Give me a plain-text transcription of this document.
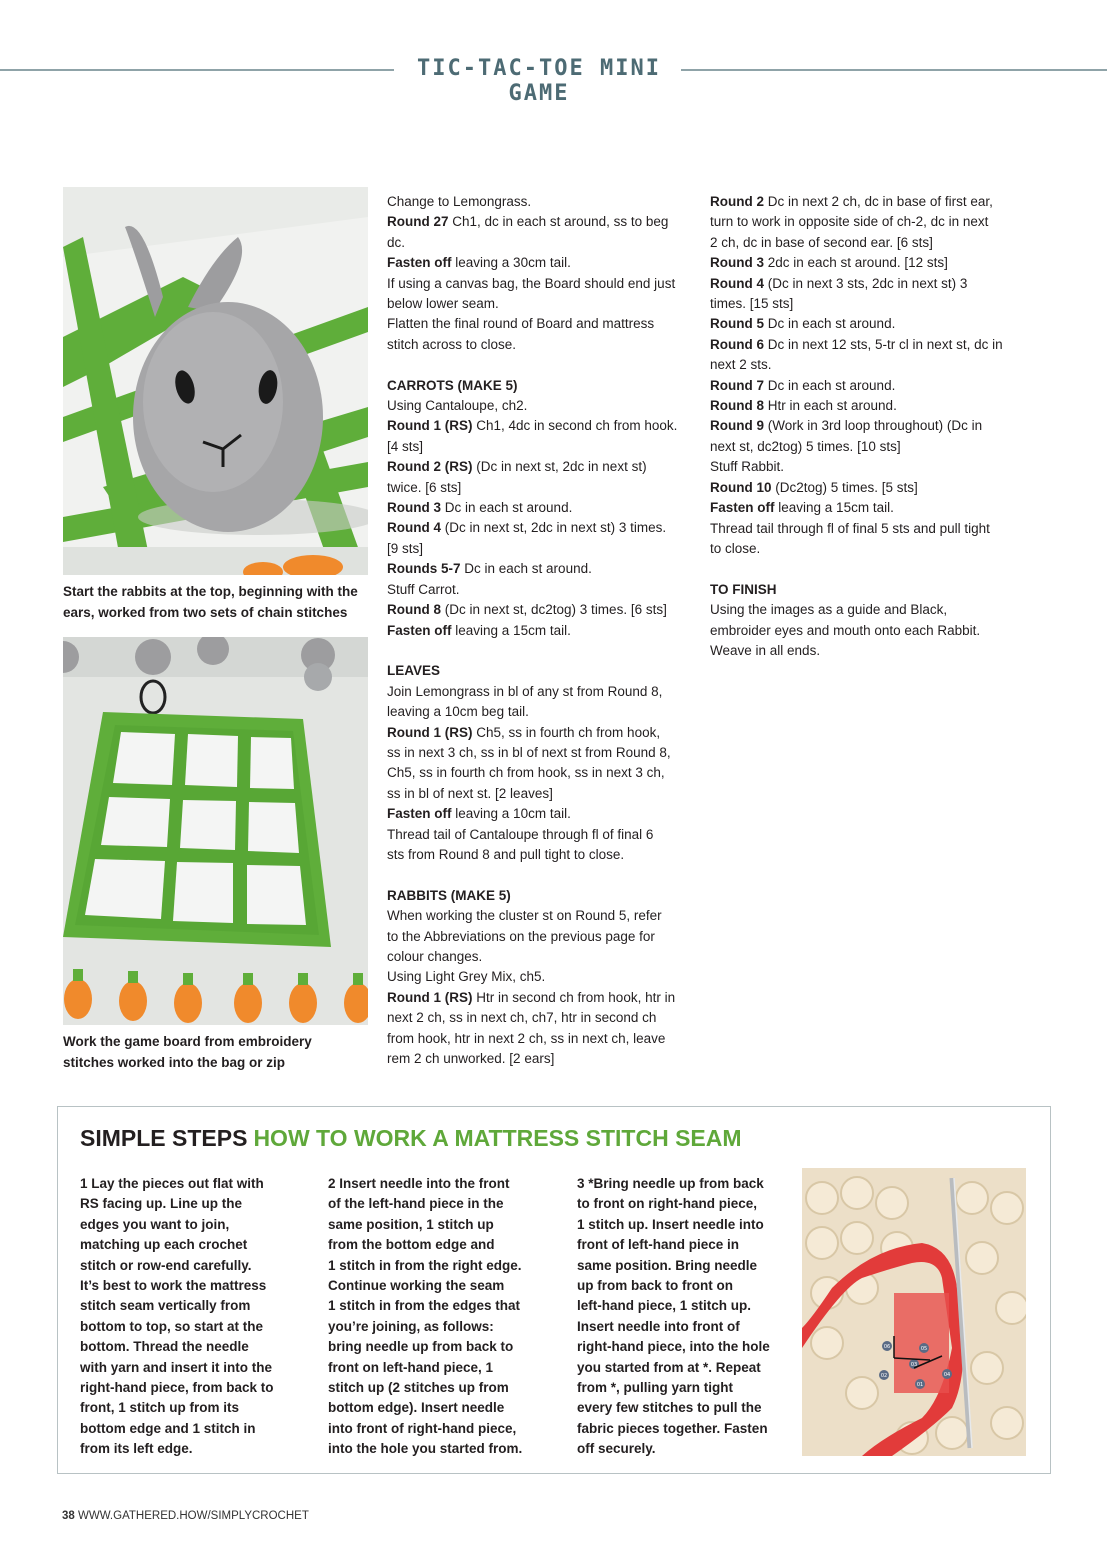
TIC-TAC-TOE MINI GAME
Start the rabbits at the top, beginning with the
ears, worked from two sets of chain stitches
Work the game board from embroidery
stitches worked into the bag or zip

Change to Lemongrass.

Round 27 Ch1, dc in each st around, ss to beg

dc.

Fasten off leaving a 30cm tail.

If using a canvas bag, the Board should end just

below lower seam.

Flatten the final round of Board and mattress

stitch across to close.

CARROTS (MAKE 5)

Using Cantaloupe, ch2.

Round 1 (RS) Ch1, 4dc in second ch from hook.

[4 sts]

Round 2 (RS) (Dc in next st, 2dc in next st)

twice. [6 sts]

Round 3 Dc in each st around.

Round 4 (Dc in next st, 2dc in next st) 3 times.

[9 sts]

Rounds 5-7 Dc in each st around.

Stuff Carrot.

Round 8 (Dc in next st, dc2tog) 3 times. [6 sts]

Fasten off leaving a 15cm tail.

LEAVES

Join Lemongrass in bl of any st from Round 8,

leaving a 10cm beg tail.

Round 1 (RS) Ch5, ss in fourth ch from hook,

ss in next 3 ch, ss in bl of next st from Round 8,

Ch5, ss in fourth ch from hook, ss in next 3 ch,

ss in bl of next st. [2 leaves]

Fasten off leaving a 10cm tail.

Thread tail of Cantaloupe through fl of final 6

sts from Round 8 and pull tight to close.

RABBITS (MAKE 5)

When working the cluster st on Round 5, refer

to the Abbreviations on the previous page for

colour changes.

Using Light Grey Mix, ch5.

Round 1 (RS) Htr in second ch from hook, htr in

next 2 ch, ss in next ch, ch7, htr in second ch

from hook, htr in next 2 ch, ss in next ch, leave

rem 2 ch unworked. [2 ears]

Round 2 Dc in next 2 ch, dc in base of first ear,

turn to work in opposite side of ch-2, dc in next

2 ch, dc in base of second ear. [6 sts]

Round 3 2dc in each st around. [12 sts]

Round 4 (Dc in next 3 sts, 2dc in next st) 3

times. [15 sts]

Round 5 Dc in each st around.

Round 6 Dc in next 12 sts, 5-tr cl in next st, dc in

next 2 sts.

Round 7 Dc in each st around.

Round 8 Htr in each st around.

Round 9 (Work in 3rd loop throughout) (Dc in

next st, dc2tog) 5 times. [10 sts]

Stuff Rabbit.

Round 10 (Dc2tog) 5 times. [5 sts]

Fasten off leaving a 15cm tail.

Thread tail through fl of final 5 sts and pull tight

to close.

TO FINISH

Using the images as a guide and Black,

embroider eyes and mouth onto each Rabbit.

Weave in all ends.

SIMPLE STEPS HOW TO WORK A MATTRESS STITCH SEAM
1 Lay the pieces out flat with
RS facing up. Line up the
edges you want to join,
matching up each crochet
stitch or row-end carefully.
It’s best to work the mattress
stitch seam vertically from
bottom to top, so start at the
bottom. Thread the needle
with yarn and insert it into the
right-hand piece, from back to
front, 1 stitch up from its
bottom edge and 1 stitch in
from its left edge.
2 Insert needle into the front
of the left-hand piece in the
same position, 1 stitch up
from the bottom edge and
1 stitch in from the right edge.
Continue working the seam
1 stitch in from the edges that
you’re joining, as follows:
bring needle up from back to
front on left-hand piece, 1
stitch up (2 stitches up from
bottom edge). Insert needle
into front of right-hand piece,
into the hole you started from.
3 *Bring needle up from back
to front on right-hand piece,
1 stitch up. Insert needle into
front of left-hand piece in
same position. Bring needle
up from back to front on
left-hand piece, 1 stitch up.
Insert needle into front of
right-hand piece, into the hole
you started from at *. Repeat
from *, pulling yarn tight
every few stitches to pull the
fabric pieces together. Fasten
off securely.
06	05
03
04
02
01
38 WWW.GATHERED.HOW/SIMPLYCROCHET
